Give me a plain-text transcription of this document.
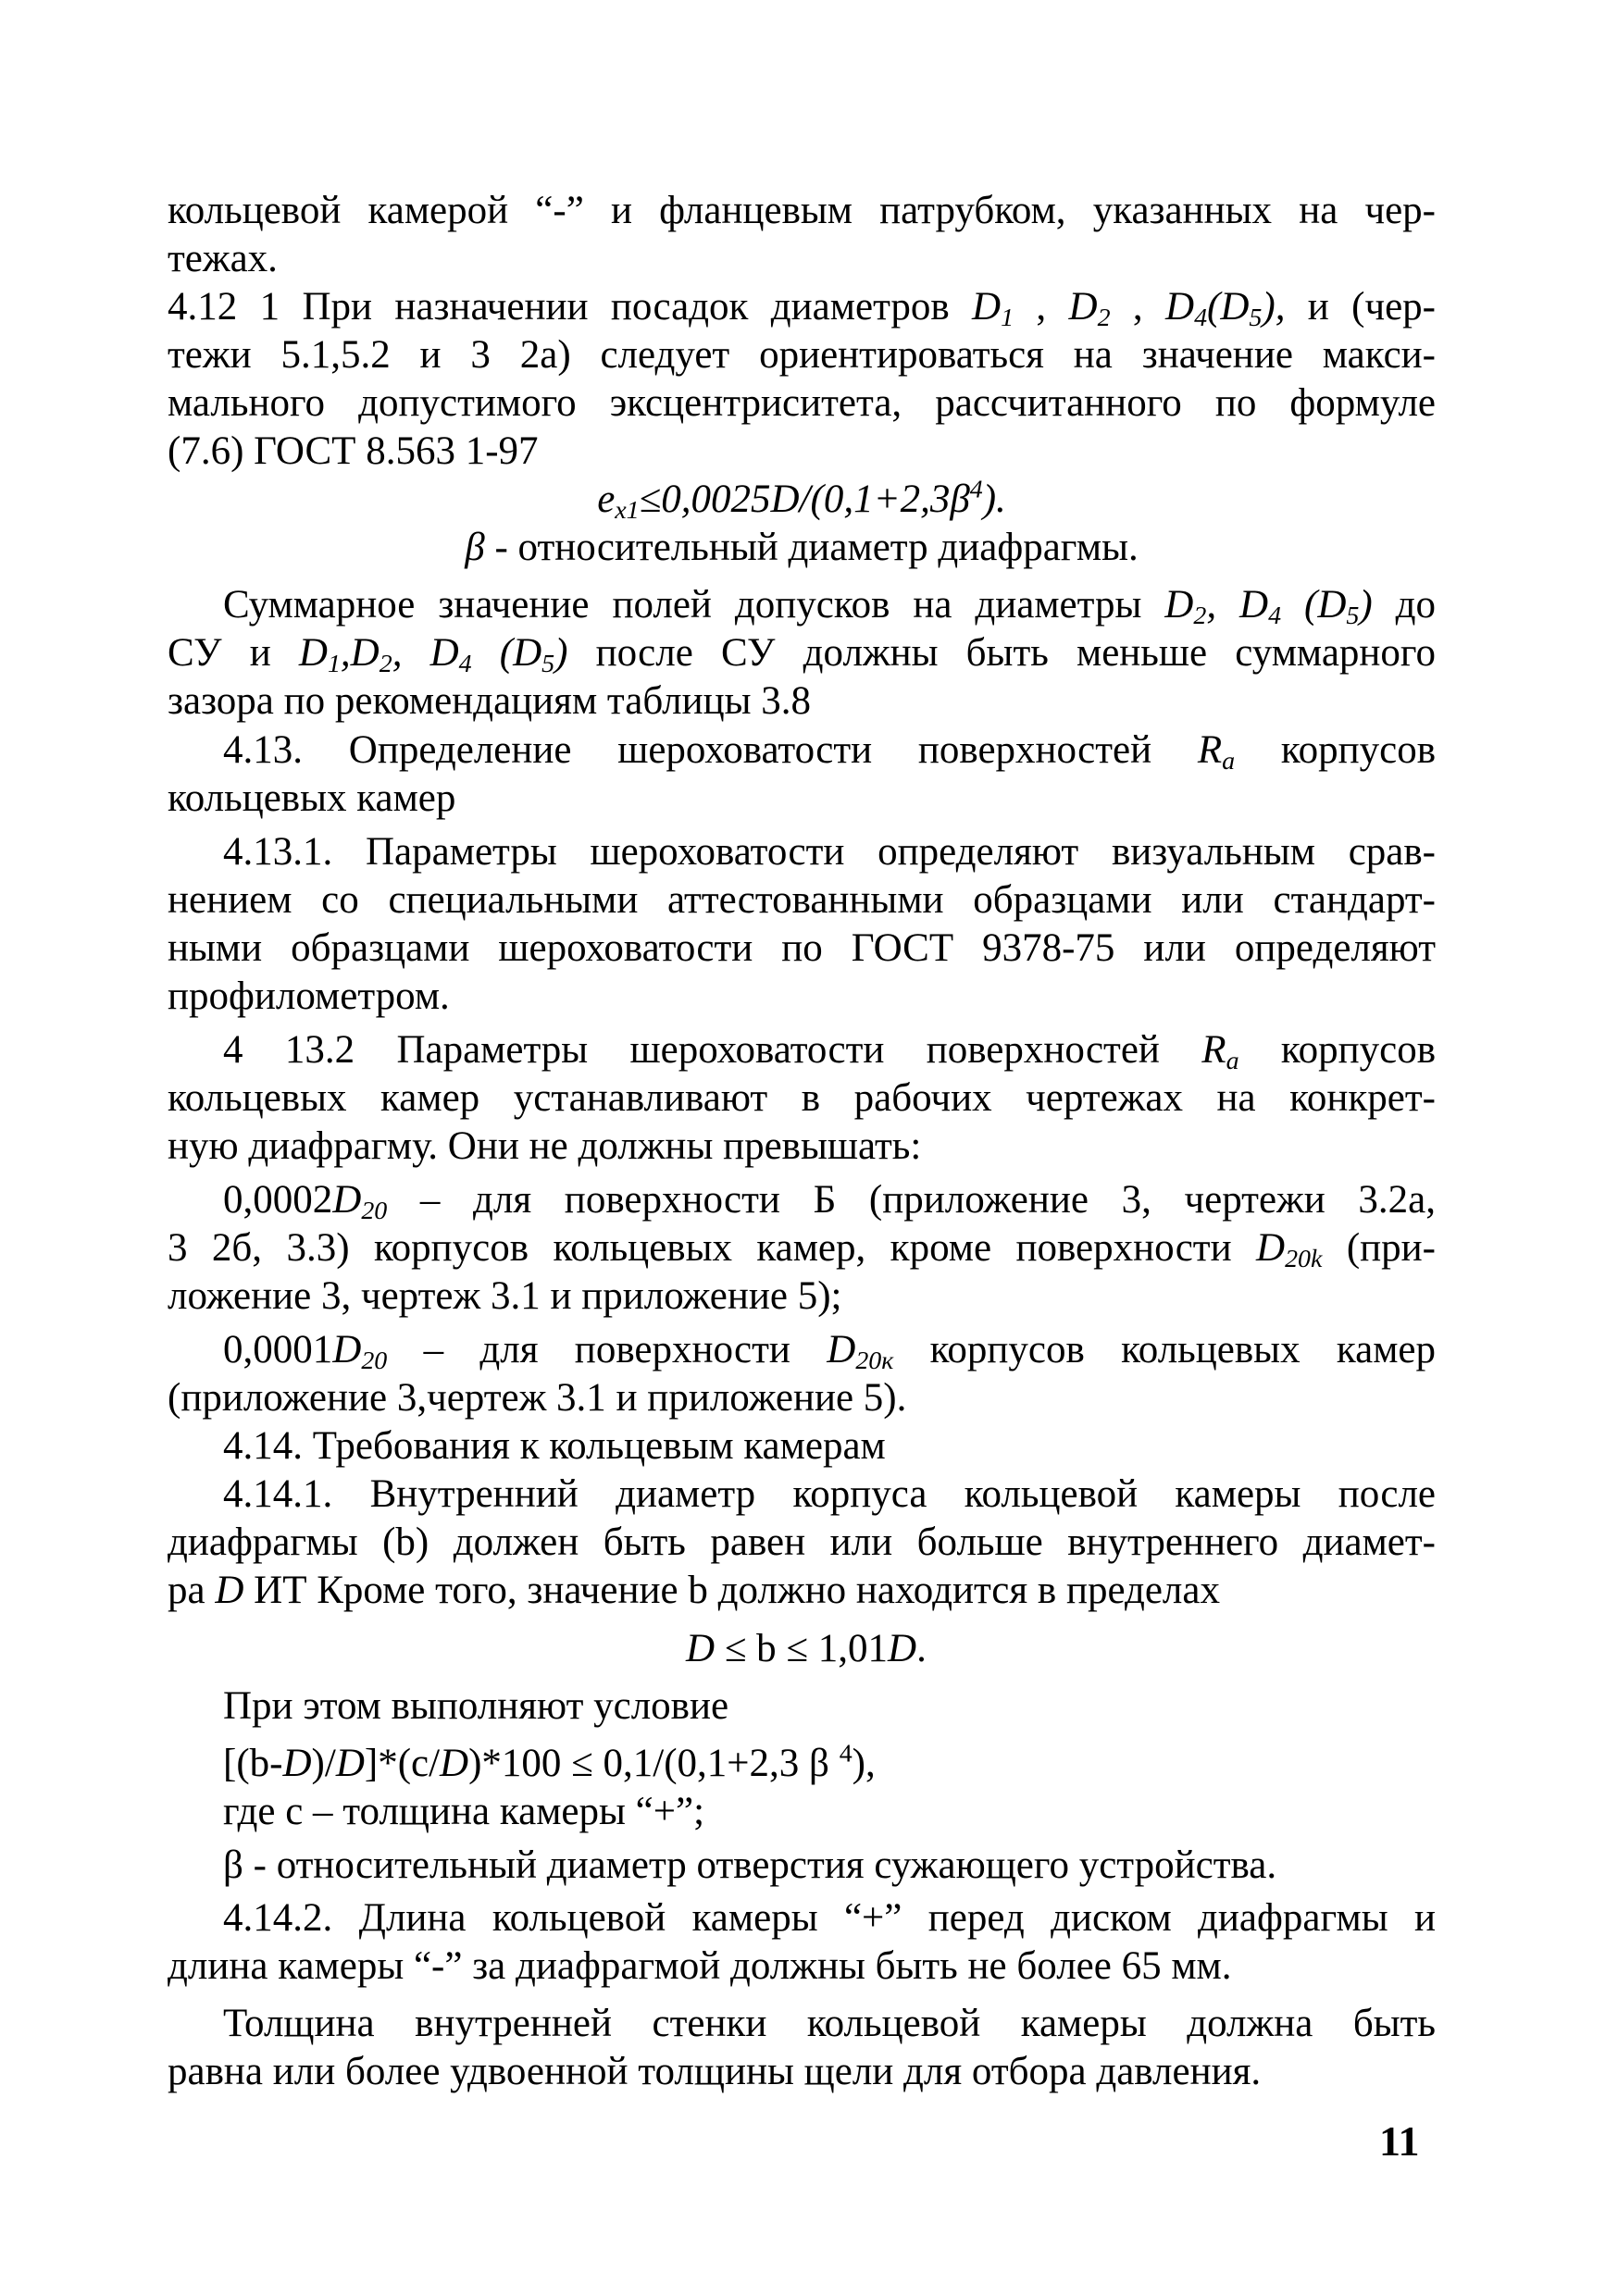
кольцевой камерой “-” и фланцевым патрубком, указанных на чер-
тежах.
4.12 1 При назначении посадок диаметров $D_1$ , $D_2$ , $D_4(D_5)$, и (чер-
тежи 5.1,5.2 и 3 2а) следует ориентироваться на значение макси-
мального допустимого эксцентриситета, рассчитанного по формуле
(7.6) ГОСТ 8.563 1-97
$e_{x1}\le 0,0025D/(0,1+2,3\beta^4)$.
β - относительный диаметр диафрагмы.
Суммарное значение полей допусков на диаметры $D_2$, $D_4$ $(D_5)$ до
СУ и $D_1,D_2$, $D_4$ $(D_5)$ после СУ должны быть меньше суммарного
зазора по рекомендациям таблицы 3.8
4.13. Определение шероховатости поверхностей $R_a$ корпусов
кольцевых камер
4.13.1. Параметры шероховатости определяют визуальным срав-
нением со специальными аттестованными образцами или стандарт-
ными образцами шероховатости по ГОСТ 9378-75 или определяют
профилометром.
4 13.2 Параметры шероховатости поверхностей $R_a$ корпусов
кольцевых камер устанавливают в рабочих чертежах на конкрет-
ную диафрагму. Они не должны превышать:
$0,0002D_{20}$ – для поверхности Б (приложение 3, чертежи 3.2а,
3 2б, 3.3) корпусов кольцевых камер, кроме поверхности $D_{20k}$ (при-
ложение 3, чертеж 3.1 и приложение 5);
$0,0001D_{20}$ – для поверхности $D_{20к}$ корпусов кольцевых камер
(приложение 3,чертеж 3.1 и приложение 5).
4.14. Требования к кольцевым камерам
4.14.1. Внутренний диаметр корпуса кольцевой камеры после
диафрагмы (b) должен быть равен или больше внутреннего диамет-
ра D ИТ Кроме того, значение b должно находится в пределах
D ≤ b ≤ 1,01D.
При этом выполняют условие
[(b-D)/D]*(c/D)*100 ≤ 0,1/(0,1+2,3 β $^4$),
где с – толщина камеры “+”;
β - относительный диаметр отверстия сужающего устройства.
4.14.2. Длина кольцевой камеры “+” перед диском диафрагмы и
длина камеры “-” за диафрагмой должны быть не более 65 мм.
Толщина внутренней стенки кольцевой камеры должна быть
равна или более удвоенной толщины щели для отбора давления.
11
